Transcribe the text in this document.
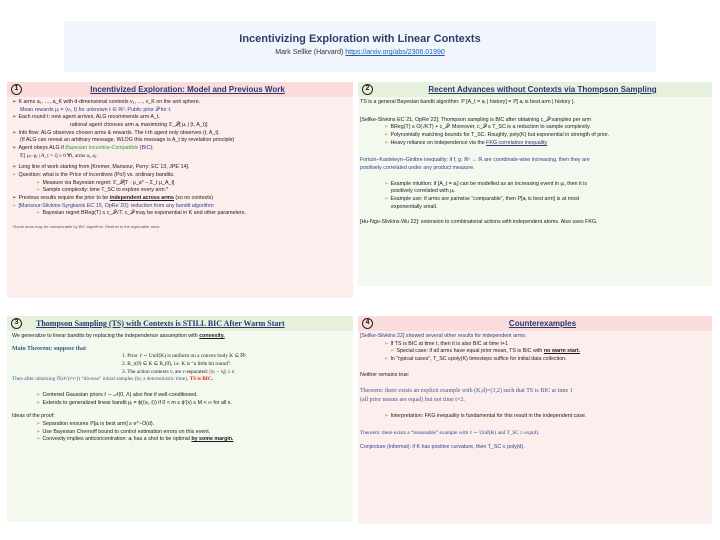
Incentivizing Exploration with Linear Contexts
Mark Sellke (Harvard) https://arxiv.org/abs/2306.01990
1	Incentivized Exploration: Model and Previous Work
➢ K arms a₁, …, a_K with d-dimensional contexts v₁, …, v_K on the unit sphere.
Mean rewards μᵢ = ⟨vᵢ, ℓ⟩ for unknown ℓ ∈ ℝᵈ. Public prior 𝒫 for ℓ.
➢ Each round t: new agent arrives, ALG recommends arm A_t,
rational agent chooses arm aᵢ maximizing 𝔼_𝒫[ μᵢ | (t, A_t)]
➢ Info flow: ALG observes chosen arms & rewards. The t-th agent only observes (t, A_t).
(If ALG can reveal an arbitrary message, WLOG this message is A_t by revelation principle)
➢ Agent obeys ALG if Bayesian Incentive-Compatible (BIC):
𝔼[ μᵢ−μⱼ | A_t = i] ≥ 0 ∀t, arms aᵢ, aⱼ.
➢ Long line of work starting from [Kremer, Mansour, Perry: EC`13, JPE`14].
➢ Question: what is the Price of Incentives (PoI) vs. ordinary bandits.
➢ Measure via Bayesian regret: 𝔼_𝒫[T · μ_a* − Σ_t μ_A_t]
➢ Sample complexity: time T_SC to explore every arm.*
➢ Previous results require the prior to be independent across arms (so no contexts)
➢ [Mansour-Slivkins-Syrgkanis EC`15, OpRe`20]: reduction from any bandit algorithm
➢ Bayesian regret BReg(T) ≤ c_𝒫√T. c_𝒫 may be exponential in K and other parameters.
*Some arms may be unexplorable by BIC algorithm. Restrict to the explorable arms.
2	Recent Advances without Contexts via Thompson Sampling
TS is a general Bayesian bandit algorithm: ℙ [A_t = aᵢ | history] = ℙ[ aᵢ is best arm | history ].
[Sellke-Slivkins EC`21, OpRe`22]: Thompson sampling is BIC after obtaining c_𝒫 samples per arm
➢ BReg(T) ≤ O(√KT) + c_𝒫. Moreover, c_𝒫 ≤ T_SC is a reduction to sample complexity.
➢ Polynomially matching bounds for T_SC. Roughly, poly(K) but exponential in strength of prior.
➢ Heavy reliance on independence via the FKG correlation inequality
Fortuin–Kasteleyn–Ginibre inequality: if f, g: ℝⁿ → ℝ are coordinate-wise increasing, then they are
positively correlated under any product measure.
➢ Example intuition: if [A_t = aᵢ] can be modelled as an increasing event in μᵢ, then it is
positively correlated with μᵢ.
➢ Example use: if arms are pairwise “comparable”, then ℙ[aᵢ is best arm] is at most
exponentially small.
[Hu-Ngo-Slivkins-Wu 22]: extension to combinatorial actions with independent atoms. Also uses FKG.
3	Thompson Sampling (TS) with Contexts is STILL BIC After Warm Start
We generalize to linear bandits by replacing the independence assumption with convexity.
Main Theorem: suppose that
1. Prior ℓ ∼ Unif(K) is uniform on a convex body K ⊆ ℝᵈ.
2. B_r(0̄) ⊆ K ⊆ B₁(0̄), i.e. K is “a little bit round”.
3. The action contexts vᵢ are ε-separated: ||vᵢ − vⱼ|| ≥ ε.
Then after obtaining Õ(dᵃ/(rᵇεᶜ)) “diverse” initial samples (by a deterministic time), TS is BIC.
➢ Centered Gaussian priors ℓ ∼ 𝒩(0, Λ) also fine if well-conditioned.
➢ Extends to generalized linear bandit μᵢ = ϕ(⟨vᵢ, ℓ⟩) if 0 < m ≤ ϕ′(x) ≤ M < ∞ for all x.
Ideas of the proof:
➢ Separation ensures ℙ[aᵢ is best arm] ≥ e^−O(d).
➢ Use Bayesian Chernoff bound to control estimation errors on this event.
➢ Convexity implies anticoncentration: aᵢ has a shot to be optimal by some margin.
4	Counterexamples
[Sellke-Slivkins 22] showed several other results for independent arms:
➢ If TS is BIC at time t, then it is also BIC at time t+1
➢ Special case: if all arms have equal prior mean, TS is BIC with no warm start.
➢ In “typical cases”, T_SC ≤poly(K) timesteps suffice for initial data collection.
Neither remains true:
Theorem: there exists an explicit example with (K,d)=(3,2) such that TS is BIC at time 1
(all prior means are equal) but not time t=2.
➢ Interpretation: FKG inequality is fundamental for this result in the independent case.
Theorem: there exists a “reasonable” example with ℓ ∼ Unif(K) and T_SC ≥ exp(d).
Conjecture (informal): if K has positive curvature, then T_SC ≤ poly(d).
